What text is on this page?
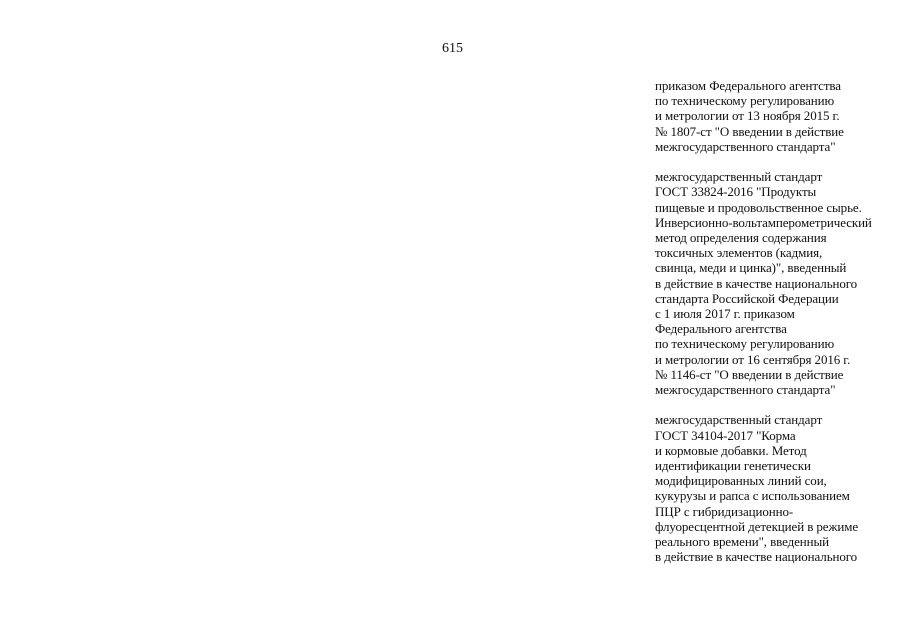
615
приказом Федерального агентства
по техническому регулированию
и метрологии от 13 ноября 2015 г.
№ 1807-ст "О введении в действие
межгосударственного стандарта"
межгосударственный стандарт
ГОСТ 33824-2016 "Продукты
пищевые и продовольственное сырье.
Инверсионно-вольтамперометрический
метод определения содержания
токсичных элементов (кадмия,
свинца, меди и цинка)", введенный
в действие в качестве национального
стандарта Российской Федерации
с 1 июля 2017 г. приказом
Федерального агентства
по техническому регулированию
и метрологии от 16 сентября 2016 г.
№ 1146-ст "О введении в действие
межгосударственного стандарта"
межгосударственный стандарт
ГОСТ 34104-2017 "Корма
и кормовые добавки. Метод
идентификации генетически
модифицированных линий сои,
кукурузы и рапса с использованием
ПЦР с гибридизационно-
флуоресцентной детекцией в режиме
реального времени", введенный
в действие в качестве национального
